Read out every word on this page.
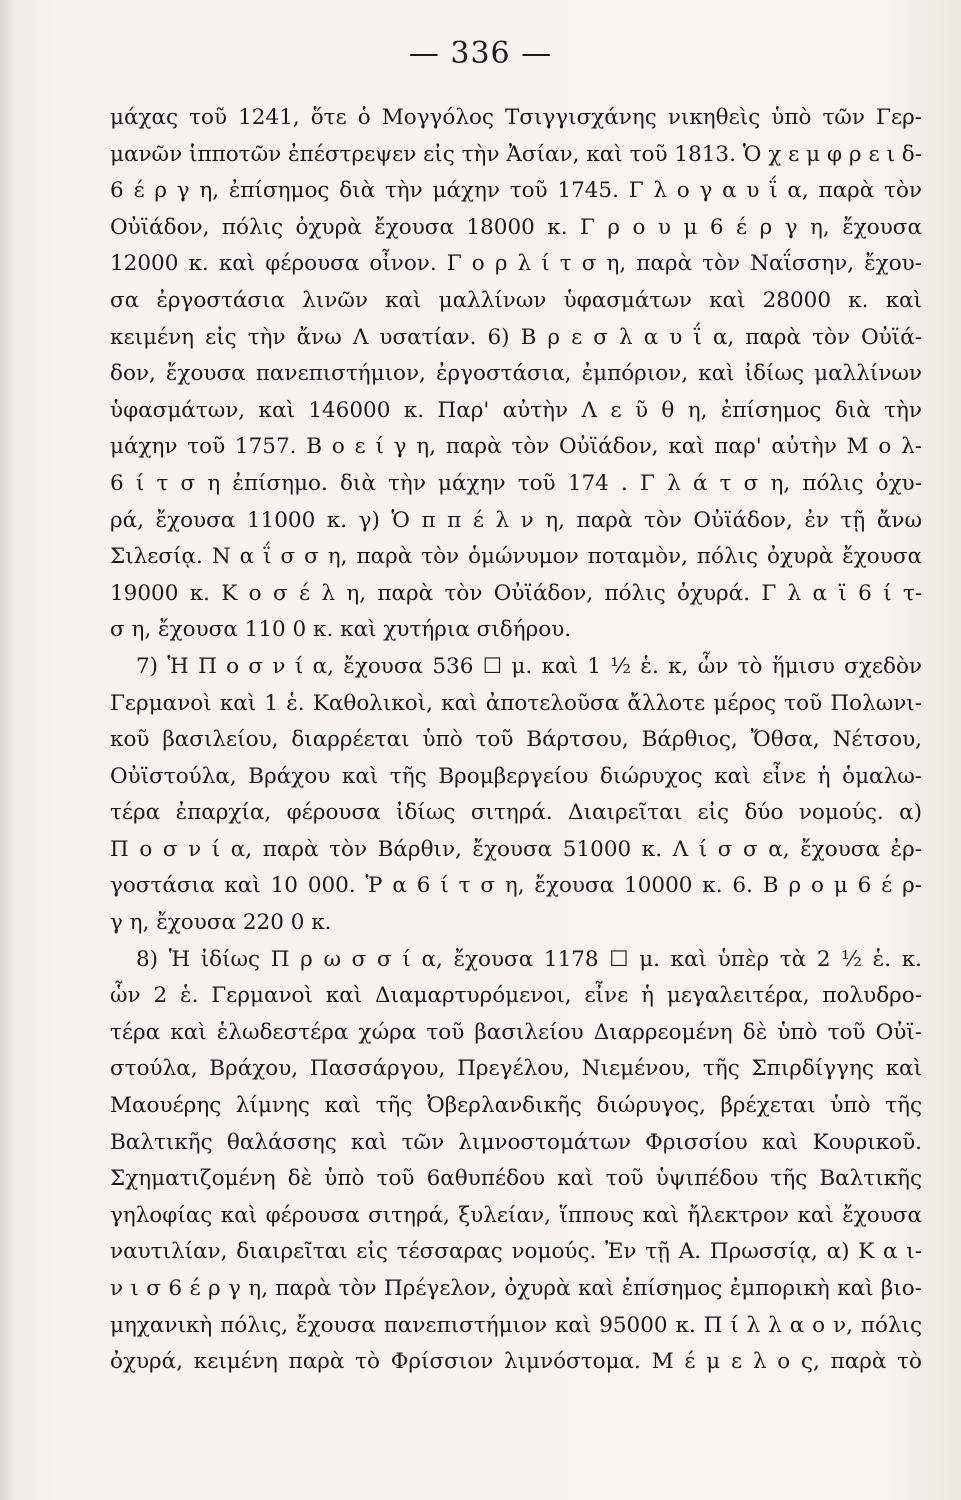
— 336 —
μάχας τοῦ 1241, ὅτε ὁ Μογγόλος Τσιγγισχάνης νικηθεὶς ὑπὸ τῶν Γερ-
μανῶν ἱπποτῶν ἐπέστρεψεν εἰς τὴν Ἀσίαν, καὶ τοῦ 1813. Ὁ χ ε μ φ ρ ε ι δ-
6 έ ρ γ η, ἐπίσημος διὰ τὴν μάχην τοῦ 1745. Γ λ ο γ α υ ΐ α, παρὰ τὸν
Οὐϊάδον, πόλις ὀχυρὰ ἔχουσα 18000 κ. Γ ρ ο υ μ 6 έ ρ γ η, ἔχουσα
12000 κ. καὶ φέρουσα οἶνον. Γ ο ρ λ ί τ σ η, παρὰ τὸν Ναΐσσην, ἔχου-
σα ἐργοστάσια λινῶν καὶ μαλλίνων ὑφασμάτων καὶ 28000 κ. καὶ
κειμένη εἰς τὴν ἄνω Λ υσατίαν. 6) Β ρ ε σ λ α υ ΐ α, παρὰ τὸν Οὐϊά-
δον, ἔχουσα πανεπιστήμιον, ἐργοστάσια, ἐμπόριον, καὶ ἰδίως μαλλίνων
ὑφασμάτων, καὶ 146000 κ. Παρ' αὐτὴν Λ ε ῦ θ η, ἐπίσημος διὰ τὴν
μάχην τοῦ 1757. Β ο ε ί γ η, παρὰ τὸν Οὐϊάδον, καὶ παρ' αὐτὴν Μ ο λ-
6 ί τ σ η ἐπίσημο. διὰ τὴν μάχην τοῦ 174 . Γ λ ά τ σ η, πόλις ὀχυ-
ρά, ἔχουσα 11000 κ. γ) Ὁ π π έ λ ν η, παρὰ τὸν Οὐϊάδον, ἐν τῇ ἄνω
Σιλεσίᾳ. Ν α ΐ σ σ η, παρὰ τὸν ὁμώνυμον ποταμὸν, πόλις ὀχυρὰ ἔχουσα
19000 κ. Κ ο σ έ λ η, παρὰ τὸν Οὐϊάδον, πόλις ὀχυρά. Γ λ α ϊ 6 ί τ-
σ η, ἔχουσα 110 0 κ. καὶ χυτήρια σιδήρου.
7) Ἡ Π ο σ ν ί α, ἔχουσα 536 ☐ μ. καὶ 1 ½ ἑ. κ, ὧν τὸ ἥμισυ σχεδὸν
Γερμανοὶ καὶ 1 ἑ. Καθολικοὶ, καὶ ἀποτελοῦσα ἄλλοτε μέρος τοῦ Πολωνι-
κοῦ βασιλείου, διαρρέεται ὑπὸ τοῦ Βάρτσου, Βάρθιος, Ὄθσα, Νέτσου,
Οὐϊστούλα, Βράχου καὶ τῆς Βρομβεργείου διώρυχος καὶ εἶνε ἡ ὁμαλω-
τέρα ἐπαρχία, φέρουσα ἰδίως σιτηρά. Διαιρεῖται εἰς δύο νομούς. α)
Π ο σ ν ί α, παρὰ τὸν Βάρθιν, ἔχουσα 51000 κ. Λ ί σ σ α, ἔχουσα ἐρ-
γοστάσια καὶ 10 000. Ῥ α 6 ί τ σ η, ἔχουσα 10000 κ. 6. Β ρ ο μ 6 έ ρ-
γ η, ἔχουσα 220 0 κ.
8) Ἡ ἰδίως Π ρ ω σ σ ί α, ἔχουσα 1178 ☐ μ. καὶ ὑπὲρ τὰ 2 ½ ἑ. κ.
ὧν 2 ἑ. Γερμανοὶ καὶ Διαμαρτυρόμενοι, εἶνε ἡ μεγαλειτέρα, πολυδρο-
τέρα καὶ ἑλωδεστέρα χώρα τοῦ βασιλείου Διαρρεομένη δὲ ὑπὸ τοῦ Οὐϊ-
στούλα, Βράχου, Πασσάργου, Πρεγέλου, Νιεμένου, τῆς Σπιρδίγγης καὶ
Μαουέρης λίμνης καὶ τῆς Ὀβερλανδικῆς διώρυγος, βρέχεται ὑπὸ τῆς
Βαλτικῆς θαλάσσης καὶ τῶν λιμνοστομάτων Φρισσίου καὶ Κουρικοῦ.
Σχηματιζομένη δὲ ὑπὸ τοῦ 6αθυπέδου καὶ τοῦ ὑψιπέδου τῆς Βαλτικῆς
γηλοφίας καὶ φέρουσα σιτηρά, ξυλείαν, ἵππους καὶ ἤλεκτρον καὶ ἔχουσα
ναυτιλίαν, διαιρεῖται εἰς τέσσαρας νομούς. Ἐν τῇ Α. Πρωσσίᾳ, α) Κ α ι-
ν ι σ 6 έ ρ γ η, παρὰ τὸν Πρέγελον, ὀχυρὰ καὶ ἐπίσημος ἐμπορικὴ καὶ βιο-
μηχανικὴ πόλις, ἔχουσα πανεπιστήμιον καὶ 95000 κ. Π ί λ λ α ο ν, πόλις
ὀχυρά, κειμένη παρὰ τὸ Φρίσσιον λιμνόστομα. Μ έ μ ε λ ο ς, παρὰ τὸ
